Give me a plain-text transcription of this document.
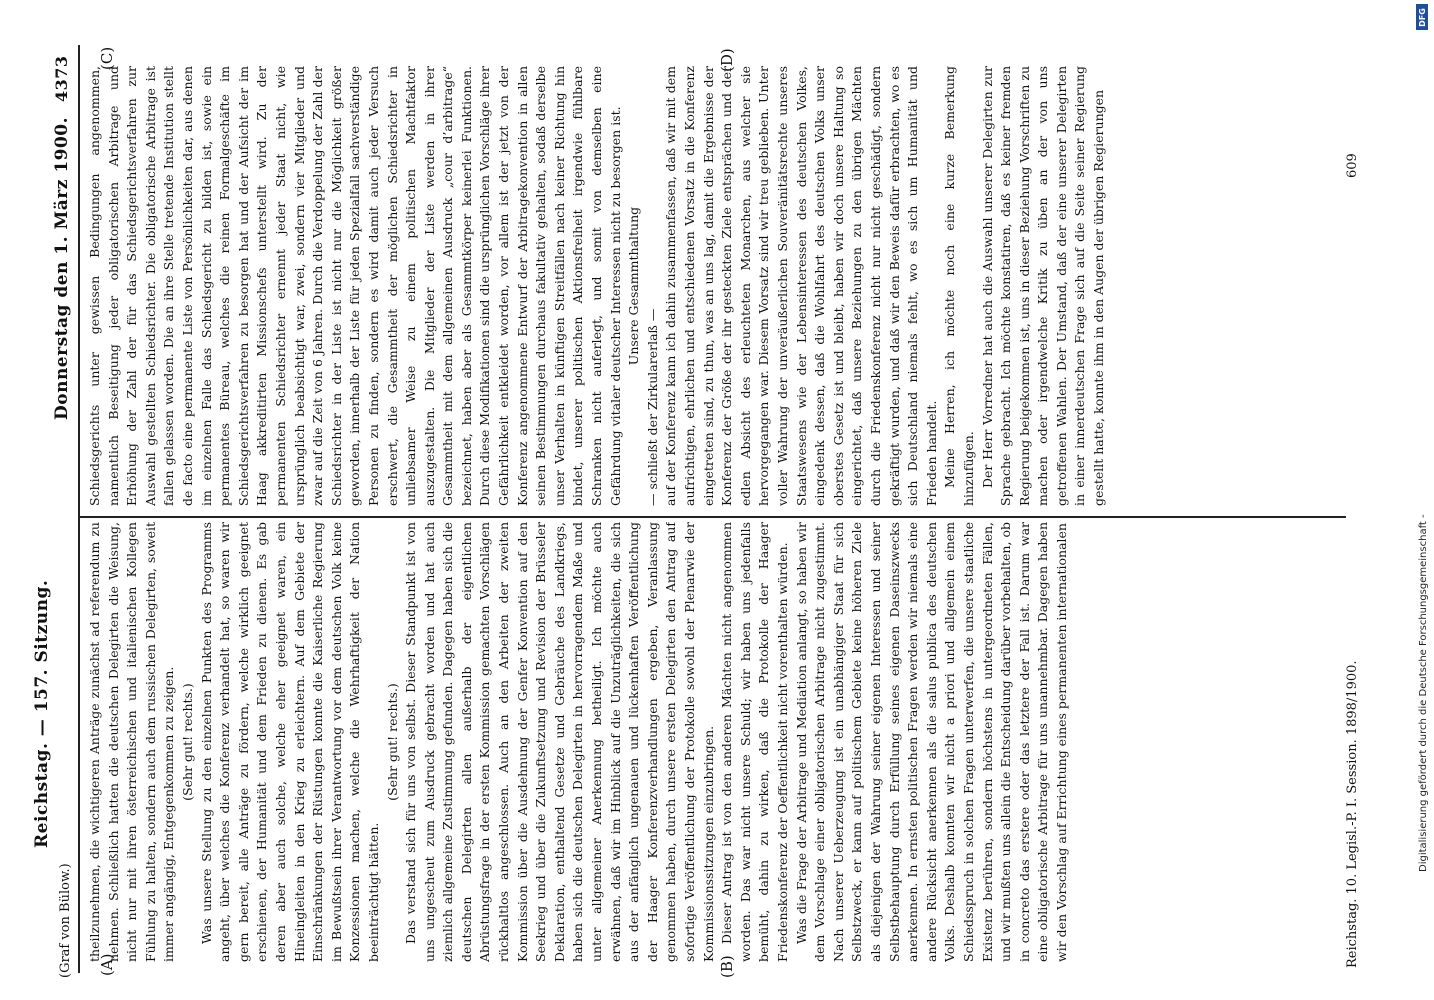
(A)	(B)
(C)	(D)
(Graf von Bülow.)
Reichstag. — 157. Sitzung.
Donnerstag den 1. März 1900.
4373

theilzunehmen, die wichtigeren Anträge zunächst ad referendum zu nehmen. Schließlich hatten die deutschen Delegirten die Weisung, nicht nur mit ihren österreichischen und italienischen Kollegen Fühlung zu halten, sondern auch dem russischen Delegirten, soweit immer angängig, Entgegenkommen zu zeigen. (Sehr gut! rechts.) Was unsere Stellung zu den einzelnen Punkten des Programms angeht, über welches die Konferenz verhandelt hat, so waren wir gern bereit, alle Anträge zu fördern, welche wirklich geeignet erschienen, der Humanität und dem Frieden zu dienen. Es gab deren aber auch solche, welche eher geeignet waren, ein Hineingleiten in den Krieg zu erleichtern. Auf dem Gebiete der Einschränkungen der Rüstungen konnte die Kaiserliche Regierung im Bewußtsein ihrer Verantwortung vor dem deutschen Volk keine Konzessionen machen, welche die Wehrhaftigkeit der Nation beeinträchtigt hätten.

(Sehr gut! rechts.) Das verstand sich für uns von selbst. Dieser Standpunkt ist von uns ungescheut zum Ausdruck gebracht worden und hat auch ziemlich allgemeine Zustimmung gefunden. Dagegen haben sich die deutschen Delegirten allen außerhalb der eigentlichen Abrüstungsfrage in der ersten Kommission gemachten Vorschlägen rückhaltlos angeschlossen. Auch an den Arbeiten der zweiten Kommission über die Ausdehnung der Genfer Konvention auf den Seekrieg und über die Zukunftsetzung und Revision der Brüsseler Deklaration, enthaltend Gesetze und Gebräuche des Landkriegs, haben sich die deutschen Delegirten in hervorragendem Maße und unter allgemeiner Anerkennung betheiligt. Ich möchte auch erwähnen, daß wir im Hinblick auf die Unzuträglichkeiten, die sich aus der anfänglich ungenauen und lückenhaften Veröffentlichung der Haager Konferenzverhandlungen ergeben, Veranlassung genommen haben, durch unsere ersten Delegirten den Antrag auf sofortige Veröffentlichung der Protokolle sowohl der Plenarwie der Kommissionssitzungen einzubringen. Dieser Antrag ist von den anderen Mächten nicht angenommen worden. Das war nicht unsere Schuld; wir haben uns jedenfalls bemüht, dahin zu wirken, daß die Protokolle der Haager Friedenskonferenz der Oeffentlichkeit nicht vorenthalten würden. Was die Frage der Arbitrage und Mediation anlangt, so haben wir dem Vorschlage einer obligatorischen Arbitrage nicht zugestimmt. Nach unserer Ueberzeugung ist ein unabhängiger Staat für sich Selbstzweck, er kann auf politischem Gebiete keine höheren Ziele als diejenigen der Wahrung seiner eigenen Interessen und seiner Selbstbehauptung durch Erfüllung seines eigenen Daseinszwecks anerkennen. In ernsten politischen Fragen werden wir niemals eine andere Rücksicht anerkennen als die salus publica des deutschen Volks. Deshalb konnten wir nicht a priori und allgemein einem Schiedsspruch in solchen Fragen unterwerfen, die unsere staatliche Existenz berühren, sondern höchstens in untergeordneten Fällen, und wir mußten uns allein die Entscheidung darüber vorbehalten, ob in concreto das erstere oder das letztere der Fall ist. Darum war eine obligatorische Arbitrage für uns unannehmbar. Dagegen haben wir den Vorschlag auf Errichtung eines permanenten internationalen

Schiedsgerichts unter gewissen Bedingungen angenommen, namentlich Beseitigung jeder obligatorischen Arbitrage und Erhöhung der Zahl der für das Schiedsgerichtsverfahren zur Auswahl gestellten Schiedsrichter. Die obligatorische Arbitrage ist fallen gelassen worden. Die an ihre Stelle tretende Institution stellt de facto eine permanente Liste von Persönlichkeiten dar, aus denen im einzelnen Falle das Schiedsgericht zu bilden ist, sowie ein permanentes Büreau, welches die reinen Formalgeschäfte im Schiedsgerichtsverfahren zu besorgen hat und der Aufsicht der im Haag akkreditirten Missionschefs unterstellt wird. Zu der permanenten Schiedsrichter ernennt jeder Staat nicht, wie ursprünglich beabsichtigt war, zwei, sondern vier Mitglieder und zwar auf die Zeit von 6 Jahren. Durch die Verdoppelung der Zahl der Schiedsrichter in der Liste ist nicht nur die Möglichkeit größer geworden, innerhalb der Liste für jeden Spezialfall sachverständige Personen zu finden, sondern es wird damit auch jeder Versuch erschwert, die Gesammtheit der möglichen Schiedsrichter in unliebsamer Weise zu einem politischen Machtfaktor auszugestalten. Die Mitglieder der Liste werden in ihrer Gesammtheit mit dem allgemeinen Ausdruck „cour d’arbitrage“ bezeichnet, haben aber als Gesammtkörper keinerlei Funktionen. Durch diese Modifikationen sind die ursprünglichen Vorschläge ihrer Gefährlichkeit entkleidet worden, vor allem ist der jetzt von der Konferenz angenommene Entwurf der Arbitragekonvention in allen seinen Bestimmungen durchaus fakultativ gehalten, sodaß derselbe unser Verhalten in künftigen Streitfällen nach keiner Richtung hin bindet, unserer politischen Aktionsfreiheit irgendwie fühlbare Schranken nicht auferlegt, und somit von demselben eine Gefährdung vitaler deutscher Interessen nicht zu besorgen ist. Unsere Gesammthaltung

— schließt der Zirkularerlaß — auf der Konferenz kann ich dahin zusammenfassen, daß wir mit dem aufrichtigen, ehrlichen und entschiedenen Vorsatz in die Konferenz eingetreten sind, zu thun, was an uns lag, damit die Ergebnisse der Konferenz der Größe der ihr gesteckten Ziele entsprächen und der edlen Absicht des erleuchteten Monarchen, aus welcher sie hervorgegangen war. Diesem Vorsatz sind wir treu geblieben. Unter voller Wahrung der unveräußerlichen Souveränitätsrechte unseres Staatswesens wie der Lebensinteressen des deutschen Volkes, eingedenk dessen, daß die Wohlfahrt des deutschen Volks unser oberstes Gesetz ist und bleibt, haben wir doch unsere Haltung so eingerichtet, daß unsere Beziehungen zu den übrigen Mächten durch die Friedenskonferenz nicht nur nicht geschädigt, sondern gekräftigt wurden, und daß wir den Beweis dafür erbrachten, wo es sich Deutschland niemals fehlt, wo es sich um Humanität und Frieden handelt. Meine Herren, ich möchte noch eine kurze Bemerkung hinzufügen. Der Herr Vorredner hat auch die Auswahl unserer Delegirten zur Sprache gebracht. Ich möchte konstatiren, daß es keiner fremden Regierung beigekommen ist, uns in dieser Beziehung Vorschriften zu machen oder irgendwelche Kritik zu üben an der von uns getroffenen Wahlen. Der Umstand, daß der eine unserer Delegirten in einer innerdeutschen Frage sich auf die Seite seiner Regierung gestellt hatte, konnte ihm in den Augen der übrigen Regierungen

Reichstag. 10. Legisl.-P. I. Session. 1898/1900.
609
Digitalisierung gefördert durch die Deutsche Forschungsgemeinschaft -
DFG
